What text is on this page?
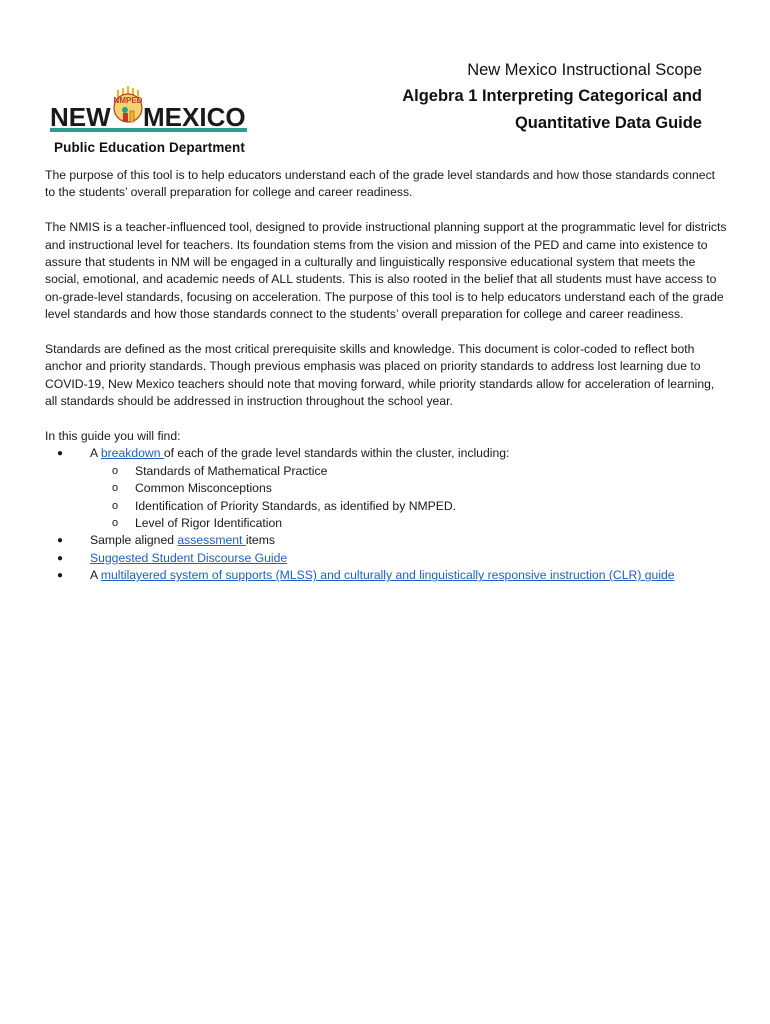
NMPED
NEW MEXICO
Public Education Department
New Mexico Instructional Scope
Algebra 1 Interpreting Categorical and
Quantitative Data Guide

The purpose of this tool is to help educators understand each of the grade level standards and how those standards connect to the students’ overall preparation for college and career readiness.

The NMIS is a teacher-influenced tool, designed to provide instructional planning support at the programmatic level for districts and instructional level for teachers. Its foundation stems from the vision and mission of the PED and came into existence to assure that students in NM will be engaged in a culturally and linguistically responsive educational system that meets the social, emotional, and academic needs of ALL students. This is also rooted in the belief that all students must have access to on-grade-level standards, focusing on acceleration. The purpose of this tool is to help educators understand each of the grade level standards and how those standards connect to the students’ overall preparation for college and career readiness.

Standards are defined as the most critical prerequisite skills and knowledge. This document is color-coded to reflect both anchor and priority standards. Though previous emphasis was placed on priority standards to address lost learning due to COVID-19, New Mexico teachers should note that moving forward, while priority standards allow for acceleration of learning, all standards should be addressed in instruction throughout the school year.

In this guide you will find:

● A breakdown of each of the grade level standards within the cluster, including:
o Standards of Mathematical Practice
o Common Misconceptions
o Identification of Priority Standards, as identified by NMPED.
o Level of Rigor Identification
● Sample aligned assessment items
● Suggested Student Discourse Guide
● A multilayered system of supports (MLSS) and culturally and linguistically responsive instruction (CLR) guide
